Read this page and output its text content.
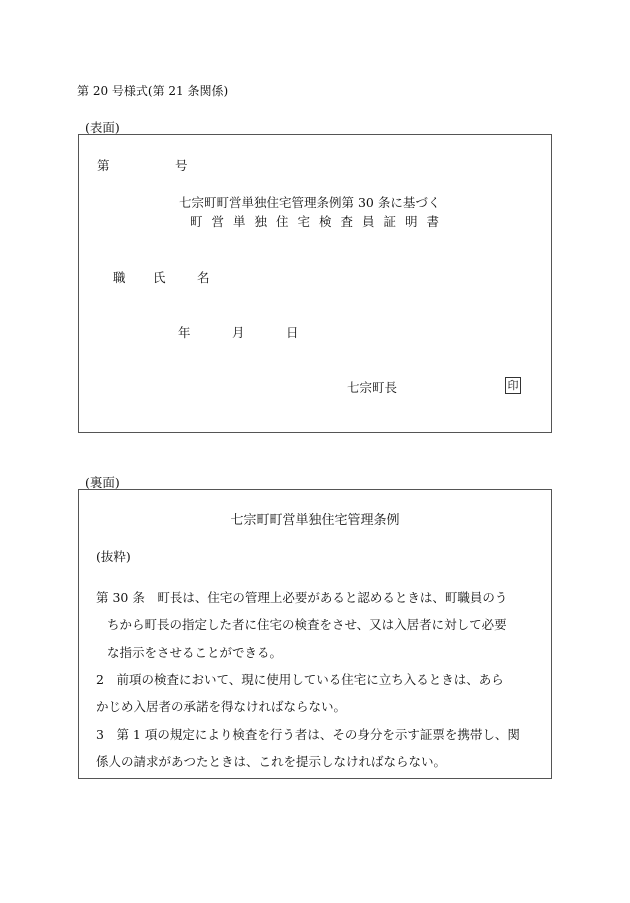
第 20 号様式(第 21 条関係)
(表面)
第	号
七宗町町営単独住宅管理条例第 30 条に基づく
町営単独住宅検査員証明書
職 氏	名
年	月	日
七宗町長	印
(裏面)
七宗町町営単独住宅管理条例
(抜粋)
第 30 条　町長は、住宅の管理上必要があると認めるときは、町職員のう
ちから町長の指定した者に住宅の検査をさせ、又は入居者に対して必要
な指示をさせることができる。
2　前項の検査において、現に使用している住宅に立ち入るときは、あら
かじめ入居者の承諾を得なければならない。
3　第 1 項の規定により検査を行う者は、その身分を示す証票を携帯し、関
係人の請求があつたときは、これを提示しなければならない。
